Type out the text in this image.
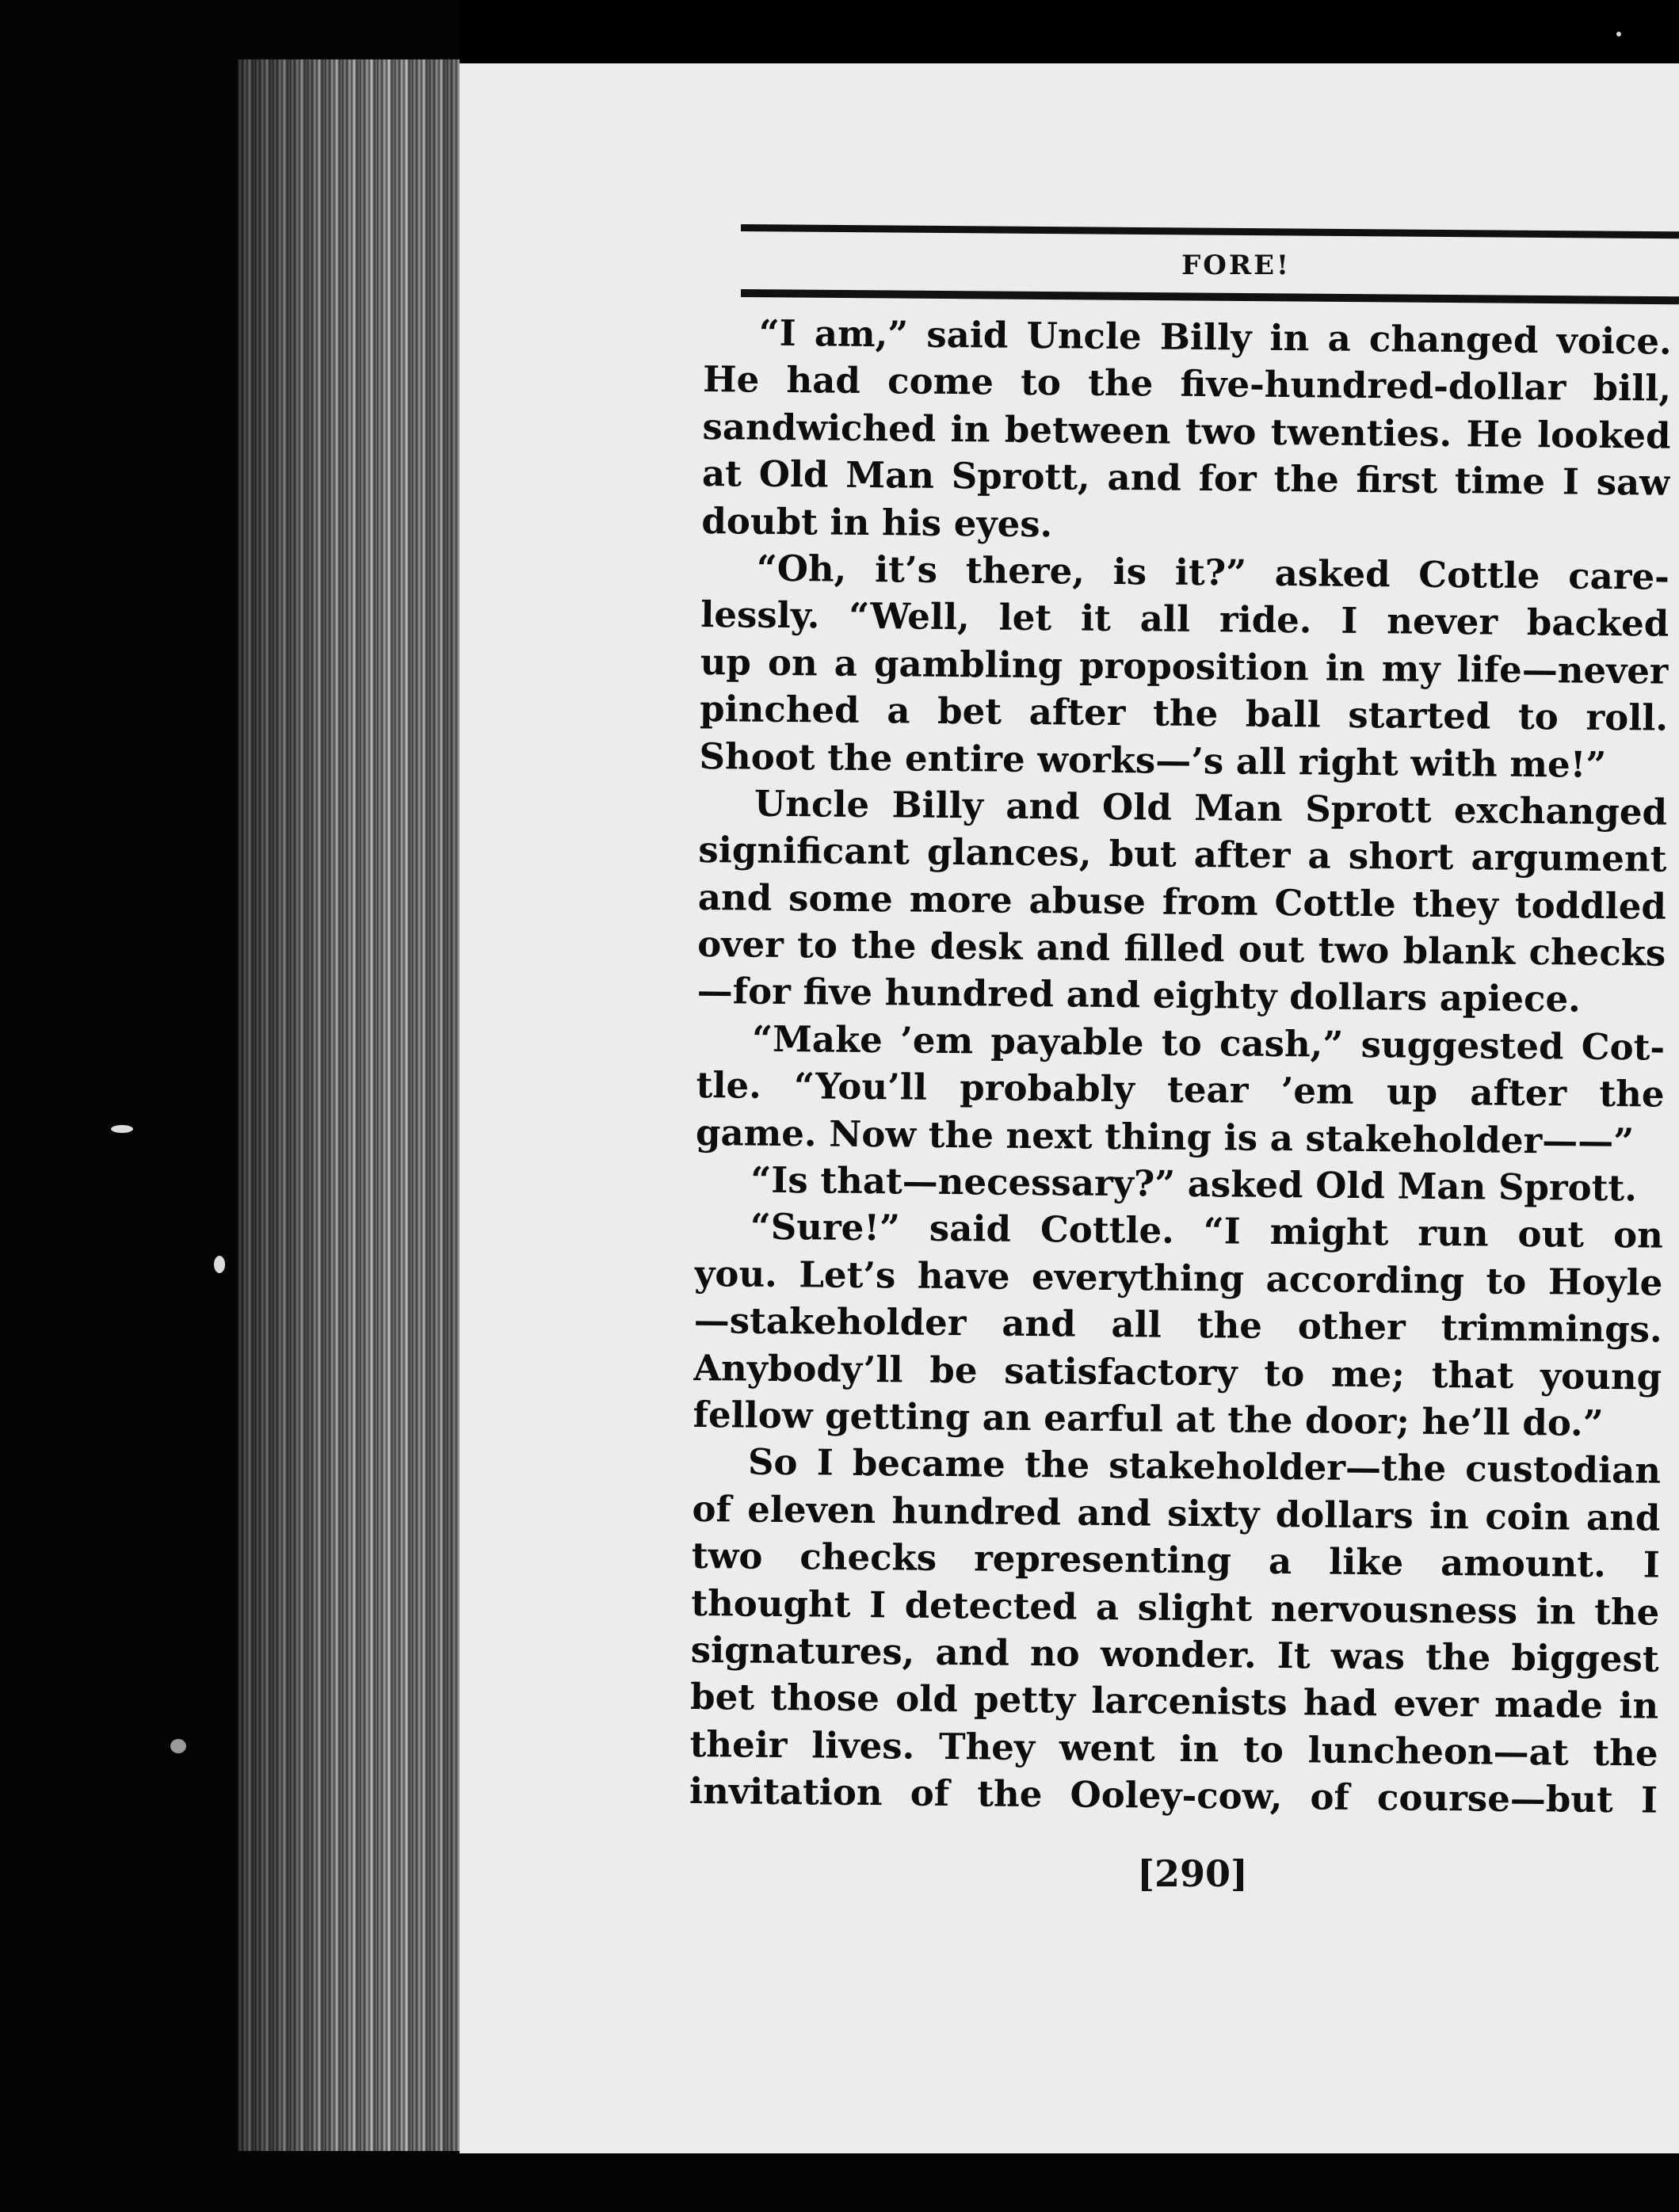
FORE!
“I am,” said Uncle Billy in a changed voice.
He had come to the five-hundred-dollar bill,
sandwiched in between two twenties. He looked
at Old Man Sprott, and for the first time I saw
doubt in his eyes.
“Oh, it’s there, is it?” asked Cottle care-
lessly. “Well, let it all ride. I never backed
up on a gambling proposition in my life—never
pinched a bet after the ball started to roll.
Shoot the entire works—’s all right with me!”
Uncle Billy and Old Man Sprott exchanged
significant glances, but after a short argument
and some more abuse from Cottle they toddled
over to the desk and filled out two blank checks
—for five hundred and eighty dollars apiece.
“Make ’em payable to cash,” suggested Cot-
tle. “You’ll probably tear ’em up after the
game. Now the next thing is a stakeholder——”
“Is that—necessary?” asked Old Man Sprott.
“Sure!” said Cottle. “I might run out on
you. Let’s have everything according to Hoyle
—stakeholder and all the other trimmings.
Anybody’ll be satisfactory to me; that young
fellow getting an earful at the door; he’ll do.”
So I became the stakeholder—the custodian
of eleven hundred and sixty dollars in coin and
two checks representing a like amount. I
thought I detected a slight nervousness in the
signatures, and no wonder. It was the biggest
bet those old petty larcenists had ever made in
their lives. They went in to luncheon—at the
invitation of the Ooley-cow, of course—but I
[290]
